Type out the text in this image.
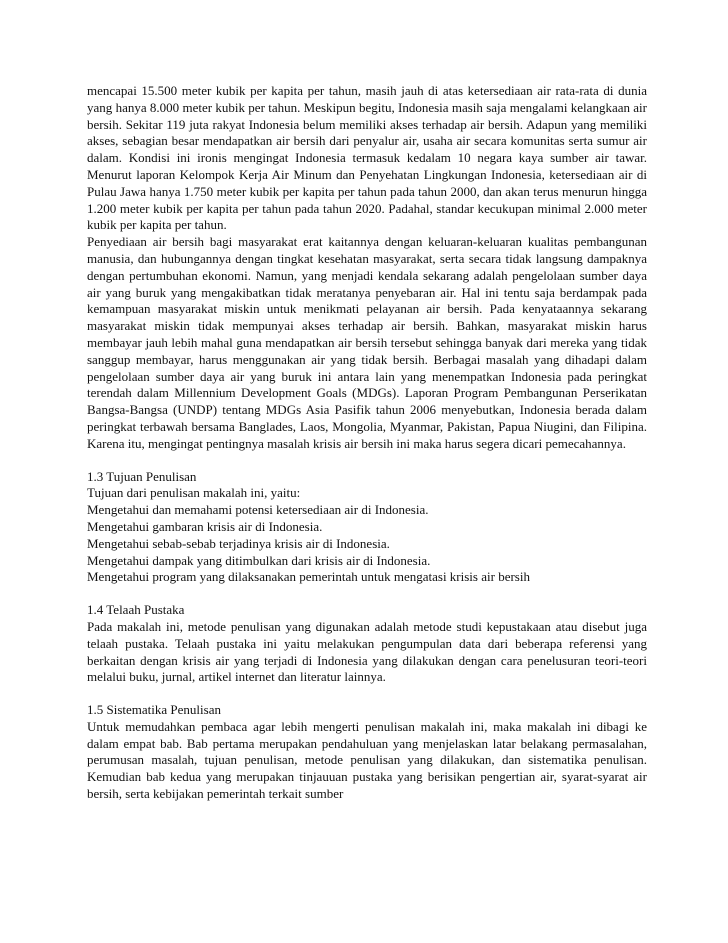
mencapai 15.500 meter kubik per kapita per tahun, masih jauh di atas ketersediaan air rata-rata di dunia yang hanya 8.000 meter kubik per tahun. Meskipun begitu, Indonesia masih saja mengalami kelangkaan air bersih. Sekitar 119 juta rakyat Indonesia belum memiliki akses terhadap air bersih. Adapun yang memiliki akses, sebagian besar mendapatkan air bersih dari penyalur air, usaha air secara komunitas serta sumur air dalam. Kondisi ini ironis mengingat Indonesia termasuk kedalam 10 negara kaya sumber air tawar. Menurut laporan Kelompok Kerja Air Minum dan Penyehatan Lingkungan Indonesia, ketersediaan air di Pulau Jawa hanya 1.750 meter kubik per kapita per tahun pada tahun 2000, dan akan terus menurun hingga 1.200 meter kubik per kapita per tahun pada tahun 2020. Padahal, standar kecukupan minimal 2.000 meter kubik per kapita per tahun.

Penyediaan air bersih bagi masyarakat erat kaitannya dengan keluaran-keluaran kualitas pembangunan manusia, dan hubungannya dengan tingkat kesehatan masyarakat, serta secara tidak langsung dampaknya dengan pertumbuhan ekonomi. Namun, yang menjadi kendala sekarang adalah pengelolaan sumber daya air yang buruk yang mengakibatkan tidak meratanya penyebaran air. Hal ini tentu saja berdampak pada kemampuan masyarakat miskin untuk menikmati pelayanan air bersih. Pada kenyataannya sekarang masyarakat miskin tidak mempunyai akses terhadap air bersih. Bahkan, masyarakat miskin harus membayar jauh lebih mahal guna mendapatkan air bersih tersebut sehingga banyak dari mereka yang tidak sanggup membayar, harus menggunakan air yang tidak bersih. Berbagai masalah yang dihadapi dalam pengelolaan sumber daya air yang buruk ini antara lain yang menempatkan Indonesia pada peringkat terendah dalam Millennium Development Goals (MDGs). Laporan Program Pembangunan Perserikatan Bangsa-Bangsa (UNDP) tentang MDGs Asia Pasifik tahun 2006 menyebutkan, Indonesia berada dalam peringkat terbawah bersama Banglades, Laos, Mongolia, Myanmar, Pakistan, Papua Niugini, dan Filipina. Karena itu, mengingat pentingnya masalah krisis air bersih ini maka harus segera dicari pemecahannya.

1.3 Tujuan Penulisan
Tujuan dari penulisan makalah ini, yaitu:
Mengetahui dan memahami potensi ketersediaan air di Indonesia.
Mengetahui gambaran krisis air di Indonesia.
Mengetahui sebab-sebab terjadinya krisis air di Indonesia.
Mengetahui dampak yang ditimbulkan dari krisis air di Indonesia.
Mengetahui program yang dilaksanakan pemerintah untuk mengatasi krisis air bersih
1.4 Telaah Pustaka

Pada makalah ini, metode penulisan yang digunakan adalah metode studi kepustakaan atau disebut juga telaah pustaka. Telaah pustaka ini yaitu melakukan pengumpulan data dari beberapa referensi yang berkaitan dengan krisis air yang terjadi di Indonesia yang dilakukan dengan cara penelusuran teori-teori melalui buku, jurnal, artikel internet dan literatur lainnya.

1.5 Sistematika Penulisan

Untuk memudahkan pembaca agar lebih mengerti penulisan makalah ini, maka makalah ini dibagi ke dalam empat bab. Bab pertama merupakan pendahuluan yang menjelaskan latar belakang permasalahan, perumusan masalah, tujuan penulisan, metode penulisan yang dilakukan, dan sistematika penulisan. Kemudian bab kedua yang merupakan tinjauuan pustaka yang berisikan pengertian air, syarat-syarat air bersih, serta kebijakan pemerintah terkait sumber
